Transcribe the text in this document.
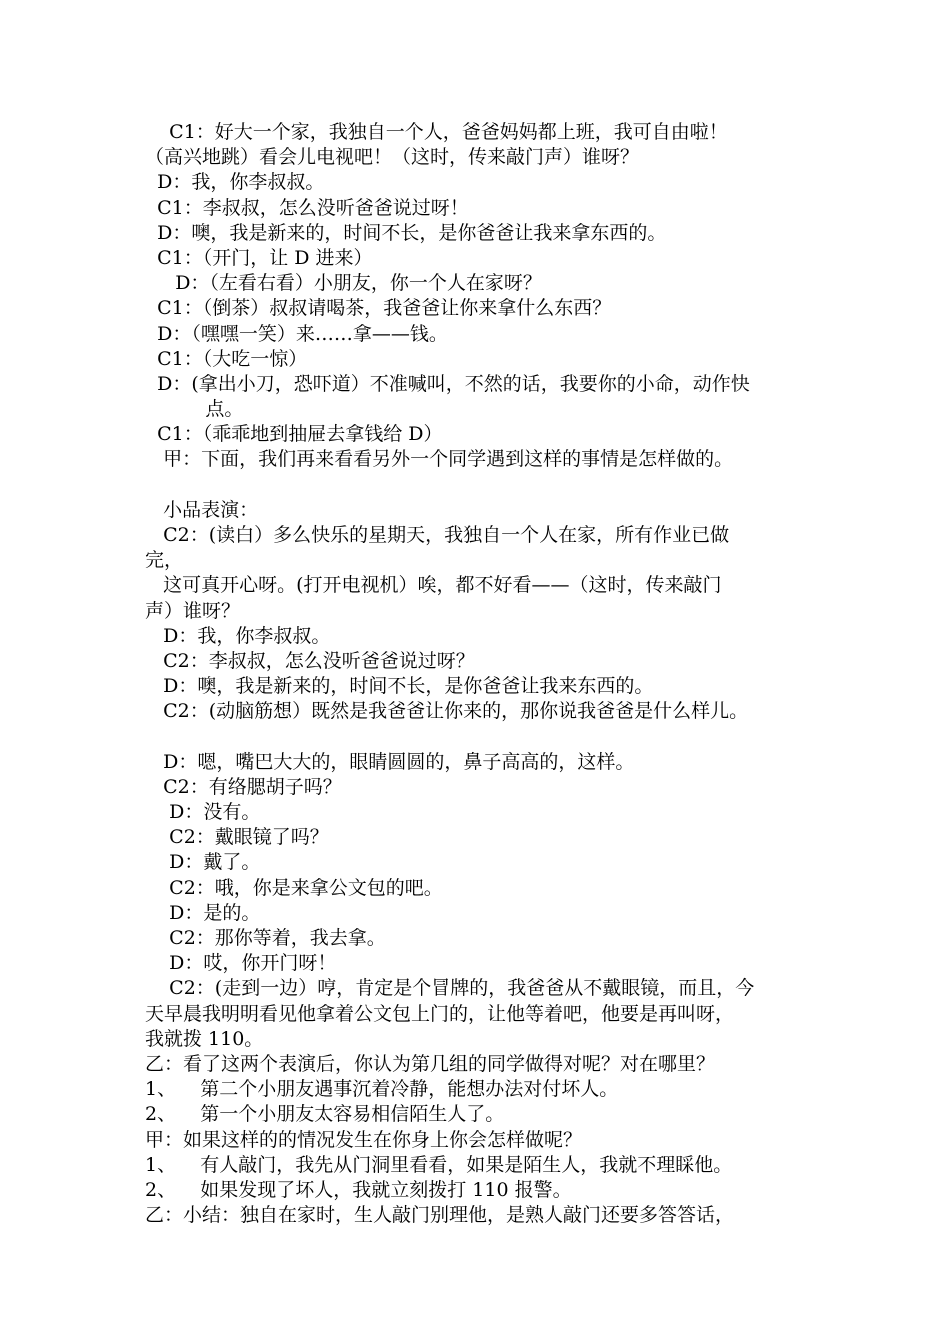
C1：好大一个家，我独自一个人，爸爸妈妈都上班，我可自由啦！
（高兴地跳）看会儿电视吧！（这时，传来敲门声）谁呀？
D：我，你李叔叔。
C1：李叔叔，怎么没听爸爸说过呀！
D：噢，我是新来的，时间不长，是你爸爸让我来拿东西的。
C1：（开门，让 D 进来）
D：（左看右看）小朋友，你一个人在家呀？
C1：（倒茶）叔叔请喝茶，我爸爸让你来拿什么东西？
D：（嘿嘿一笑）来……拿——钱。
C1：（大吃一惊）
D：(拿出小刀，恐吓道）不准喊叫，不然的话，我要你的小命，动作快
点。
C1：（乖乖地到抽屉去拿钱给 D）
甲：下面，我们再来看看另外一个同学遇到这样的事情是怎样做的。
小品表演：
C2：(读白）多么快乐的星期天，我独自一个人在家，所有作业已做
完，
这可真开心呀。(打开电视机）唉，都不好看——（这时，传来敲门
声）谁呀？
D：我，你李叔叔。
C2：李叔叔，怎么没听爸爸说过呀？
D：噢，我是新来的，时间不长，是你爸爸让我来东西的。
C2：(动脑筋想）既然是我爸爸让你来的，那你说我爸爸是什么样儿。
D：嗯，嘴巴大大的，眼睛圆圆的，鼻子高高的，这样。
C2：有络腮胡子吗？
D：没有。
C2：戴眼镜了吗？
D：戴了。
C2：哦，你是来拿公文包的吧。
D：是的。
C2：那你等着，我去拿。
D：哎，你开门呀！
C2：(走到一边）哼，肯定是个冒牌的，我爸爸从不戴眼镜，而且，今
天早晨我明明看见他拿着公文包上门的，让他等着吧，他要是再叫呀，
我就拨 110。
乙：看了这两个表演后，你认为第几组的同学做得对呢？对在哪里？
1、    第二个小朋友遇事沉着冷静，能想办法对付坏人。
2、    第一个小朋友太容易相信陌生人了。
甲：如果这样的的情况发生在你身上你会怎样做呢？
1、    有人敲门，我先从门洞里看看，如果是陌生人，我就不理睬他。
2、    如果发现了坏人，我就立刻拨打 110 报警。
乙：小结：独自在家时，生人敲门别理他，是熟人敲门还要多答答话，
